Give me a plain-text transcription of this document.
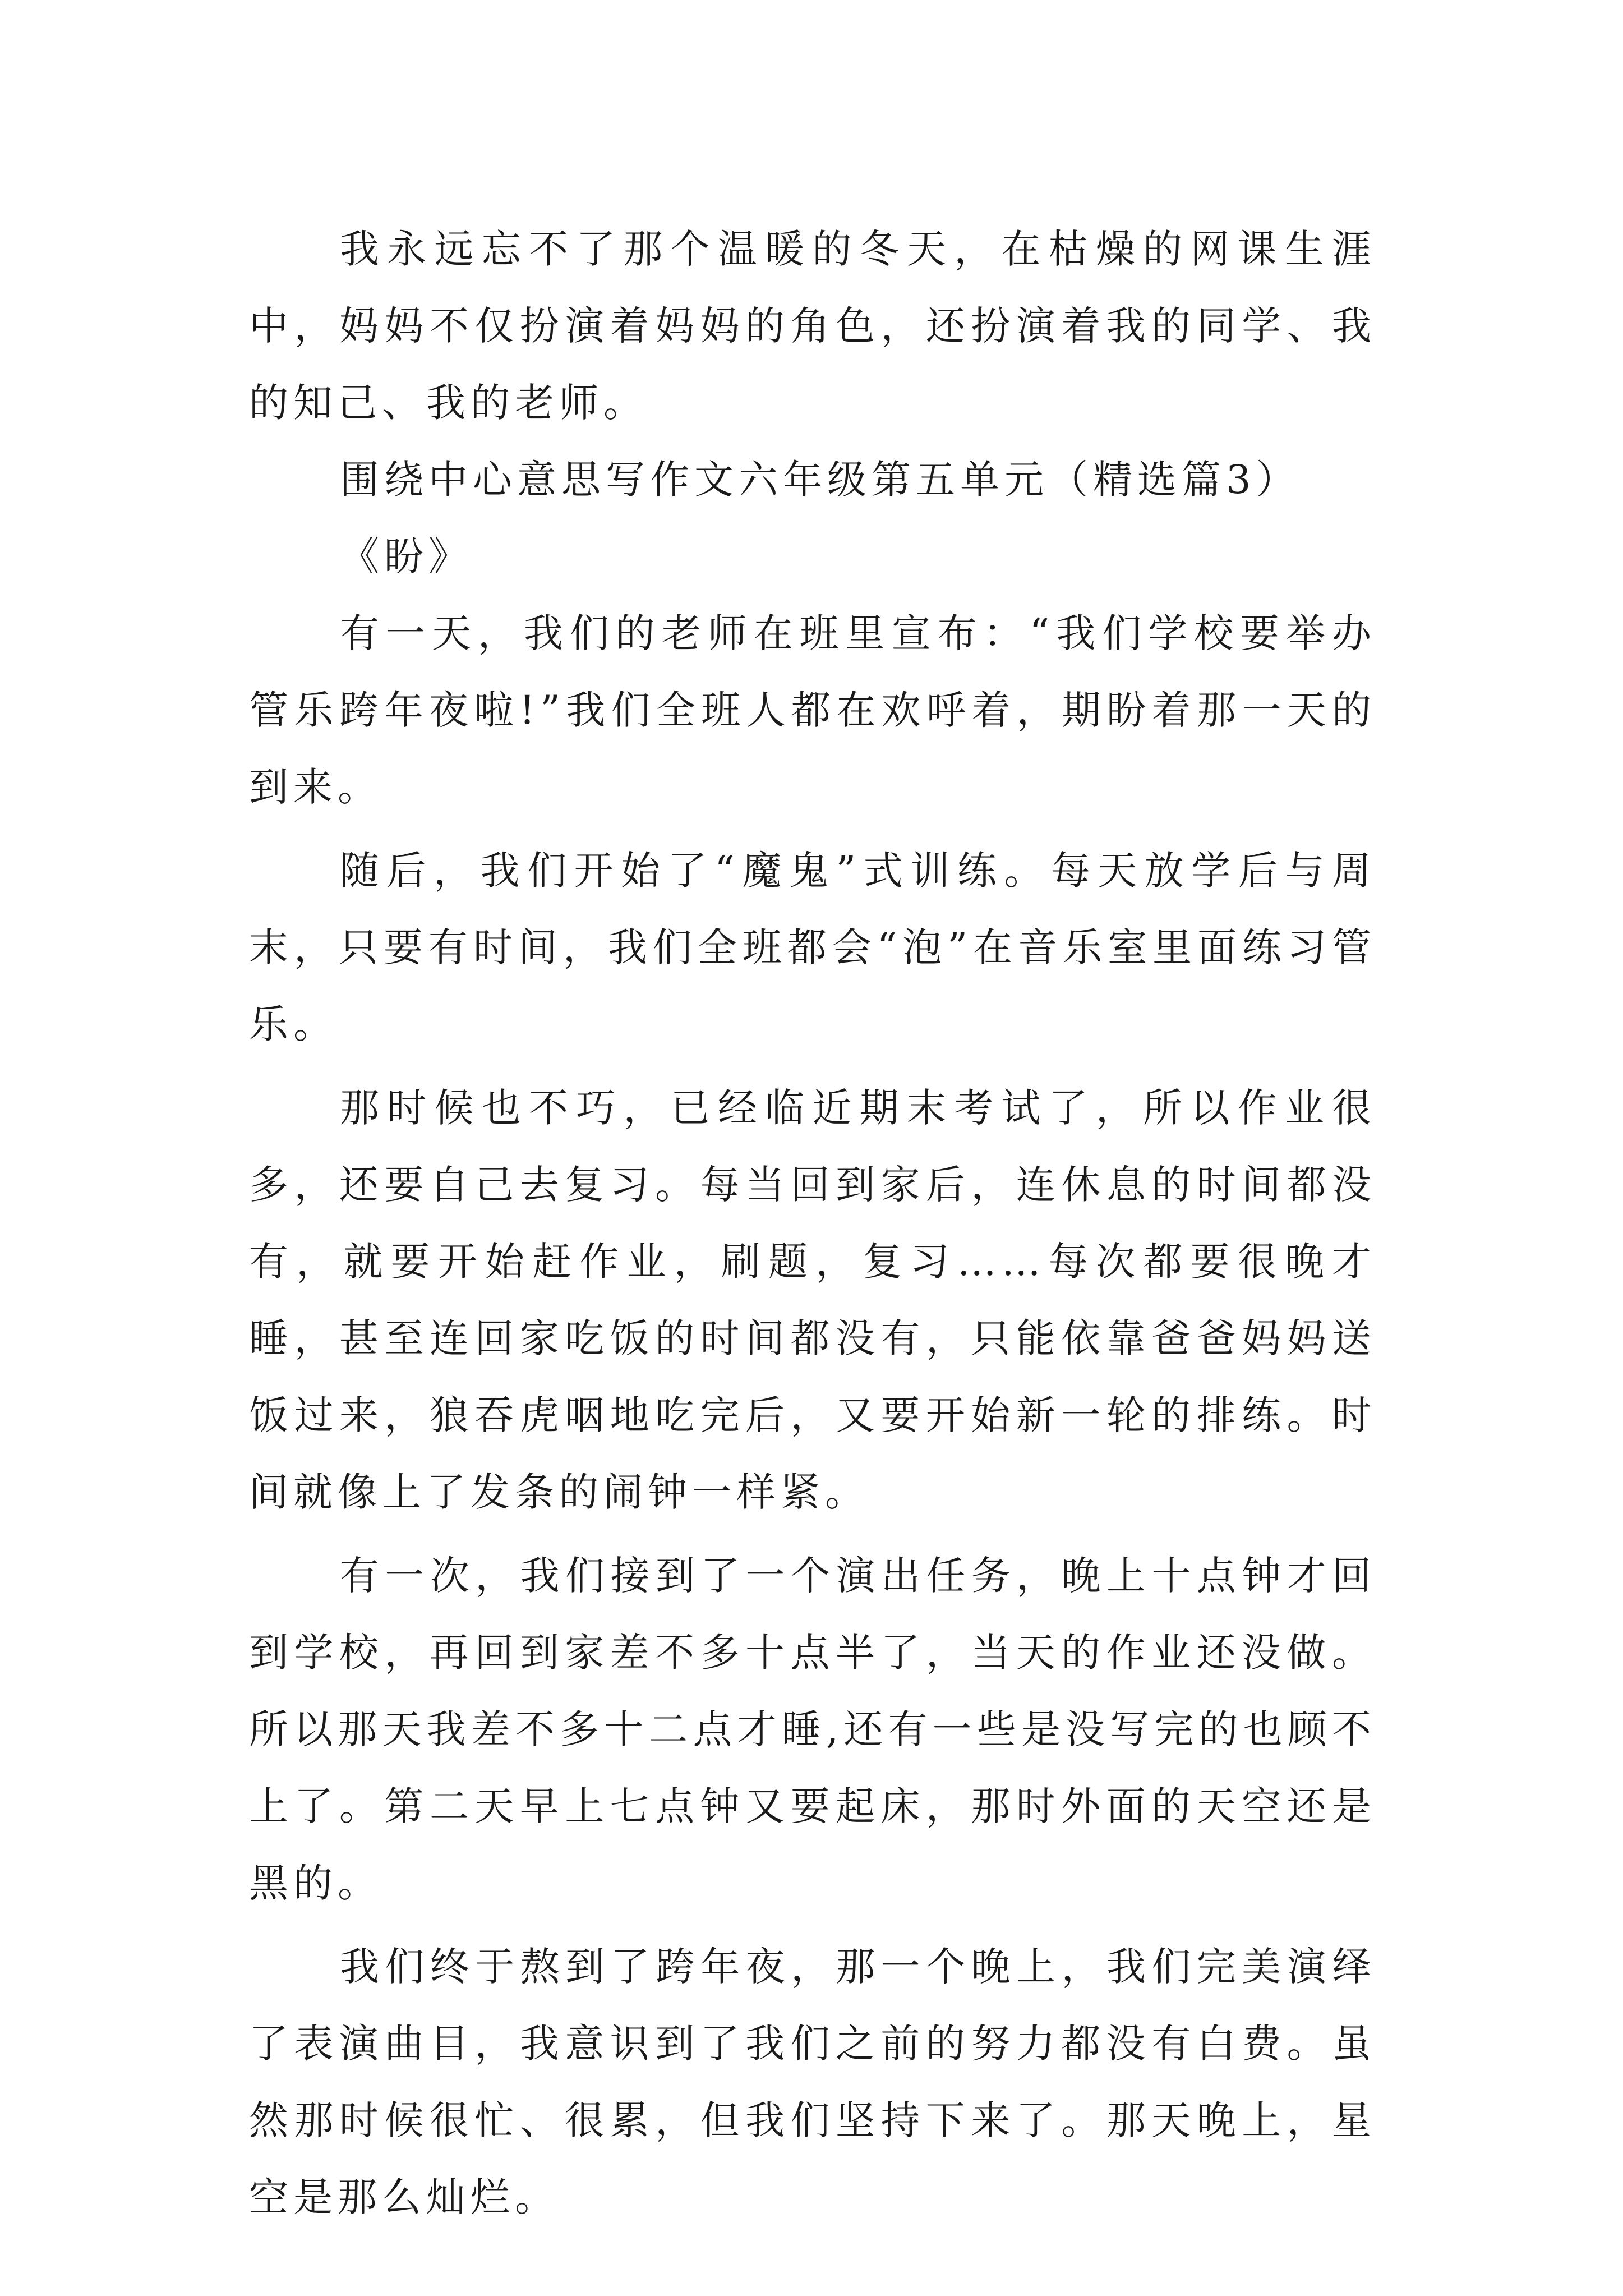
我永远忘不了那个温暖的冬天，在枯燥的网课生涯中，妈妈不仅扮演着妈妈的角色，还扮演着我的同学、我的知己、我的老师。

围绕中心意思写作文六年级第五单元（精选篇3）

《盼》

有一天，我们的老师在班里宣布：“我们学校要举办管乐跨年夜啦!”我们全班人都在欢呼着，期盼着那一天的到来。

随后，我们开始了“魔鬼”式训练。每天放学后与周末，只要有时间，我们全班都会“泡”在音乐室里面练习管乐。

那时候也不巧，已经临近期末考试了，所以作业很多，还要自己去复习。每当回到家后，连休息的时间都没有，就要开始赶作业，刷题，复习……每次都要很晚才睡，甚至连回家吃饭的时间都没有，只能依靠爸爸妈妈送饭过来，狼吞虎咽地吃完后，又要开始新一轮的排练。时间就像上了发条的闹钟一样紧。

有一次，我们接到了一个演出任务，晚上十点钟才回到学校，再回到家差不多十点半了，当天的作业还没做。所以那天我差不多十二点才睡,还有一些是没写完的也顾不上了。第二天早上七点钟又要起床，那时外面的天空还是黑的。

我们终于熬到了跨年夜，那一个晚上，我们完美演绎了表演曲目，我意识到了我们之前的努力都没有白费。虽然那时候很忙、很累，但我们坚持下来了。那天晚上，星空是那么灿烂。
